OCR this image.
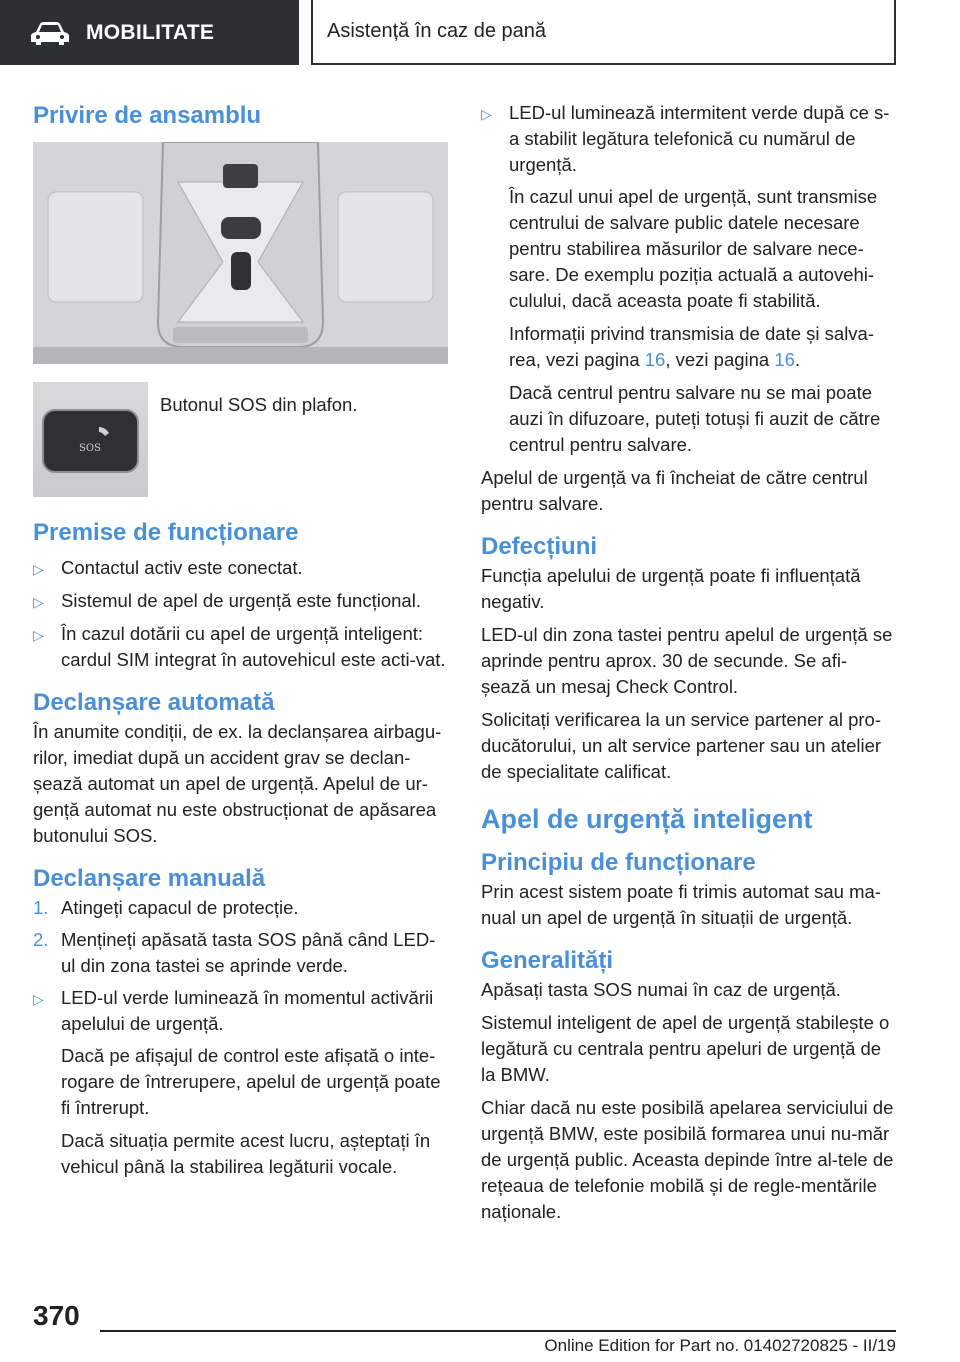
MOBILITATE	Asistență în caz de pană
Privire de ansamblu
SOS
Butonul SOS din plafon.
Premise de funcționare
▷ Contactul activ este conectat.
▷ Sistemul de apel de urgență este funcțional.
▷ În cazul dotării cu apel de urgență inteligent: cardul SIM integrat în autovehicul este acti-vat.
Declanșare automată

În anumite condiții, de ex. la declanșarea airbagu-rilor, imediat după un accident grav se declan-șează automat un apel de urgență. Apelul de ur-gență automat nu este obstrucționat de apăsarea butonului SOS.

Declanșare manuală
1. Atingeți capacul de protecție.
2. Mențineți apăsată tasta SOS până când LED-ul din zona tastei se aprinde verde.
▷ LED-ul verde luminează în momentul activării apelului de urgență.

Dacă pe afișajul de control este afișată o inte-rogare de întrerupere, apelul de urgență poate fi întrerupt.

Dacă situația permite acest lucru, așteptați în vehicul până la stabilirea legăturii vocale.

▷ LED-ul luminează intermitent verde după ce s-a stabilit legătura telefonică cu numărul de urgență.

În cazul unui apel de urgență, sunt transmise centrului de salvare public datele necesare pentru stabilirea măsurilor de salvare nece-sare. De exemplu poziția actuală a autovehi-culului, dacă aceasta poate fi stabilită.

Informații privind transmisia de date și salva-rea, vezi pagina 16, vezi pagina 16.

Dacă centrul pentru salvare nu se mai poate auzi în difuzoare, puteți totuși fi auzit de către centrul pentru salvare.

Apelul de urgență va fi încheiat de către centrul pentru salvare.

Defecțiuni

Funcția apelului de urgență poate fi influențată negativ.

LED-ul din zona tastei pentru apelul de urgență se aprinde pentru aprox. 30 de secunde. Se afi-șează un mesaj Check Control.

Solicitați verificarea la un service partener al pro-ducătorului, un alt service partener sau un atelier de specialitate calificat.

Apel de urgență inteligent
Principiu de funcționare

Prin acest sistem poate fi trimis automat sau ma-nual un apel de urgență în situații de urgență.

Generalități

Apăsați tasta SOS numai în caz de urgență.

Sistemul inteligent de apel de urgență stabilește o legătură cu centrala pentru apeluri de urgență de la BMW.

Chiar dacă nu este posibilă apelarea serviciului de urgență BMW, este posibilă formarea unui nu-măr de urgență public. Aceasta depinde între al-tele de rețeaua de telefonie mobilă și de regle-mentările naționale.

370
Online Edition for Part no. 01402720825 - II/19
